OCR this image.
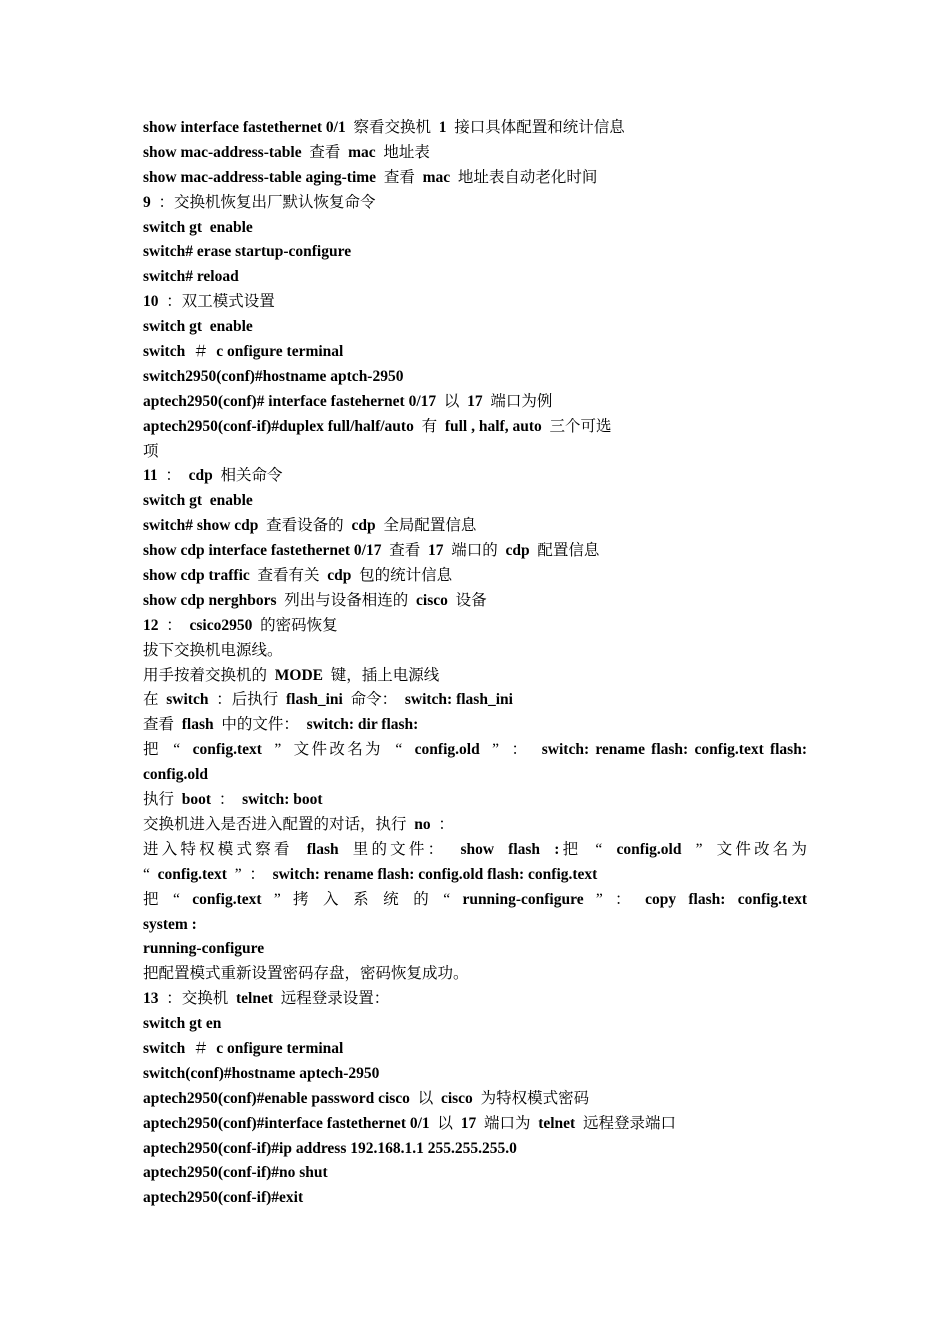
show interface fastethernet 0/1  察看交换机  1  接口具体配置和统计信息
show mac-address-table  查看  mac  地址表
show mac-address-table aging-time  查看  mac  地址表自动老化时间
9  ：交换机恢复出厂默认恢复命令
switch gt  enable
switch# erase startup-configure
switch# reload
10  ：双工模式设置
switch gt  enable
switch  ＃  c onfigure terminal
switch2950(conf)#hostname aptch-2950
aptech2950(conf)# interface fastehernet 0/17  以  17  端口为例
aptech2950(conf-if)#duplex full/half/auto  有  full , half, auto  三个可选
项
11  ：  cdp  相关命令
switch gt  enable
switch# show cdp  查看设备的  cdp  全局配置信息
show cdp interface fastethernet 0/17  查看  17  端口的  cdp  配置信息
show cdp traffic  查看有关  cdp  包的统计信息
show cdp nerghbors  列出与设备相连的  cisco  设备
12  ：  csico2950  的密码恢复
拔下交换机电源线。
用手按着交换机的  MODE  键，插上电源线
在  switch  ：后执行  flash_ini  命令：  switch: flash_ini
查看  flash  中的文件：  switch: dir flash:
把  “  config.text  ”  文件改名为  “  config.old  ”  ：  switch: rename flash: config.text flash:
config.old
执行  boot  ：  switch: boot
交换机进入是否进入配置的对话，执行  no  ：
进入特权模式察看  flash  里的文件：  show  flash  :把  “  config.old  ”  文件改名为
“  config.text  ”  ：  switch: rename flash: config.old flash: config.text
把  “  config.text  ”  拷  入  系  统  的  “  running-configure  ”  ：  copy  flash:  config.text
system :
running-configure
把配置模式重新设置密码存盘，密码恢复成功。
13  ：交换机  telnet  远程登录设置：
switch gt en
switch  ＃  c onfigure terminal
switch(conf)#hostname aptech-2950
aptech2950(conf)#enable password cisco  以  cisco  为特权模式密码
aptech2950(conf)#interface fastethernet 0/1  以  17  端口为  telnet  远程登录端口
aptech2950(conf-if)#ip address 192.168.1.1 255.255.255.0
aptech2950(conf-if)#no shut
aptech2950(conf-if)#exit
